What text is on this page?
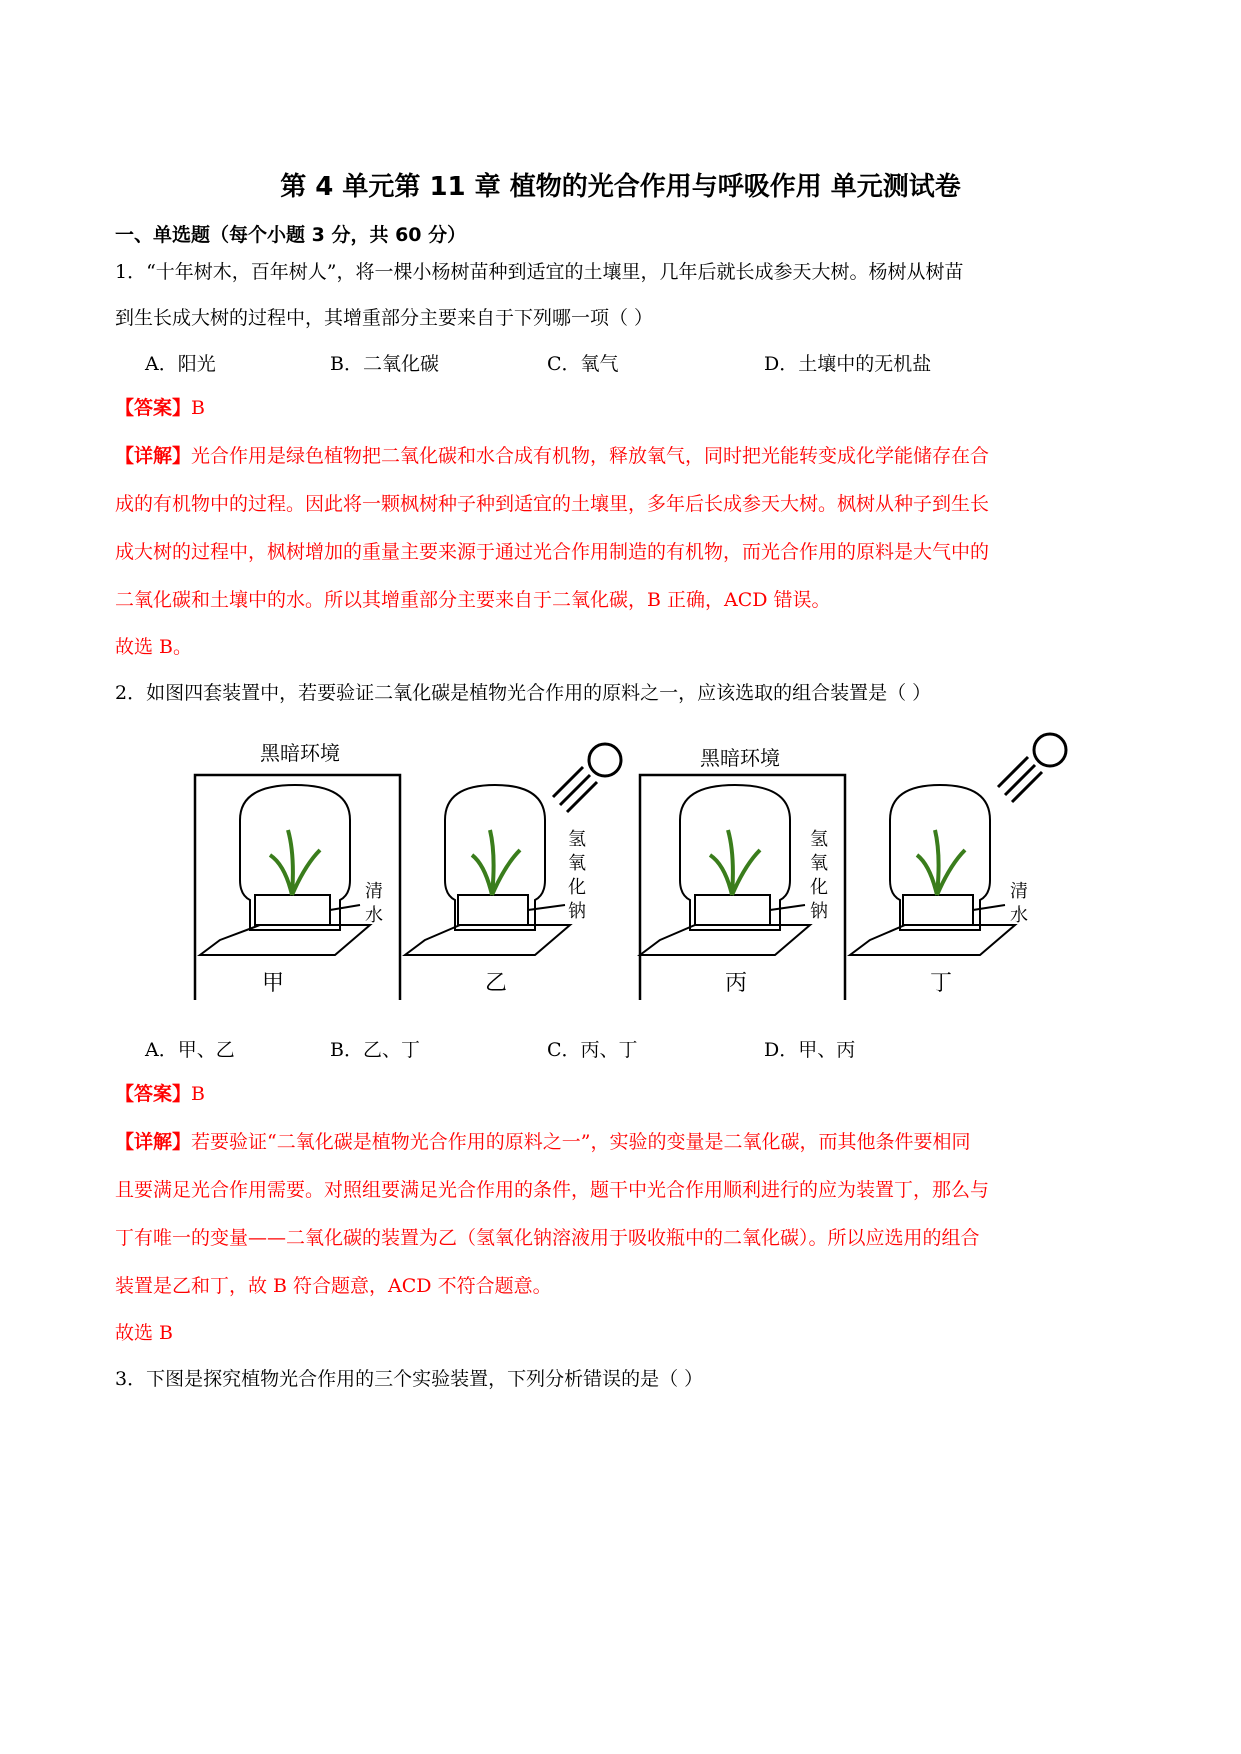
第 4 单元第 11 章 植物的光合作用与呼吸作用 单元测试卷
一、单选题（每个小题 3 分，共 60 分）
1．“十年树木，百年树人”，将一棵小杨树苗种到适宜的土壤里，几年后就长成参天大树。杨树从树苗
到生长成大树的过程中，其增重部分主要来自于下列哪一项（ ）
A．阳光	B．二氧化碳	C．氧气	D．土壤中的无机盐
【答案】B
【详解】光合作用是绿色植物把二氧化碳和水合成有机物，释放氧气，同时把光能转变成化学能储存在合
成的有机物中的过程。因此将一颗枫树种子种到适宜的土壤里，多年后长成参天大树。枫树从种子到生长
成大树的过程中，枫树增加的重量主要来源于通过光合作用制造的有机物，而光合作用的原料是大气中的
二氧化碳和土壤中的水。所以其增重部分主要来自于二氧化碳，B 正确，ACD 错误。
故选 B。
2．如图四套装置中，若要验证二氧化碳是植物光合作用的原料之一，应该选取的组合装置是（ ）
黑暗环境	黑暗环境
清
水
氢
氧
化
钠
氢
氧
化
钠
清
水
甲	乙	丙	丁
A．甲、乙	B．乙、丁	C．丙、丁	D．甲、丙
【答案】B
【详解】若要验证“二氧化碳是植物光合作用的原料之一”，实验的变量是二氧化碳，而其他条件要相同
且要满足光合作用需要。对照组要满足光合作用的条件，题干中光合作用顺利进行的应为装置丁，那么与
丁有唯一的变量——二氧化碳的装置为乙（氢氧化钠溶液用于吸收瓶中的二氧化碳）。所以应选用的组合
装置是乙和丁，故 B 符合题意，ACD 不符合题意。
故选 B
3．下图是探究植物光合作用的三个实验装置，下列分析错误的是（ ）
